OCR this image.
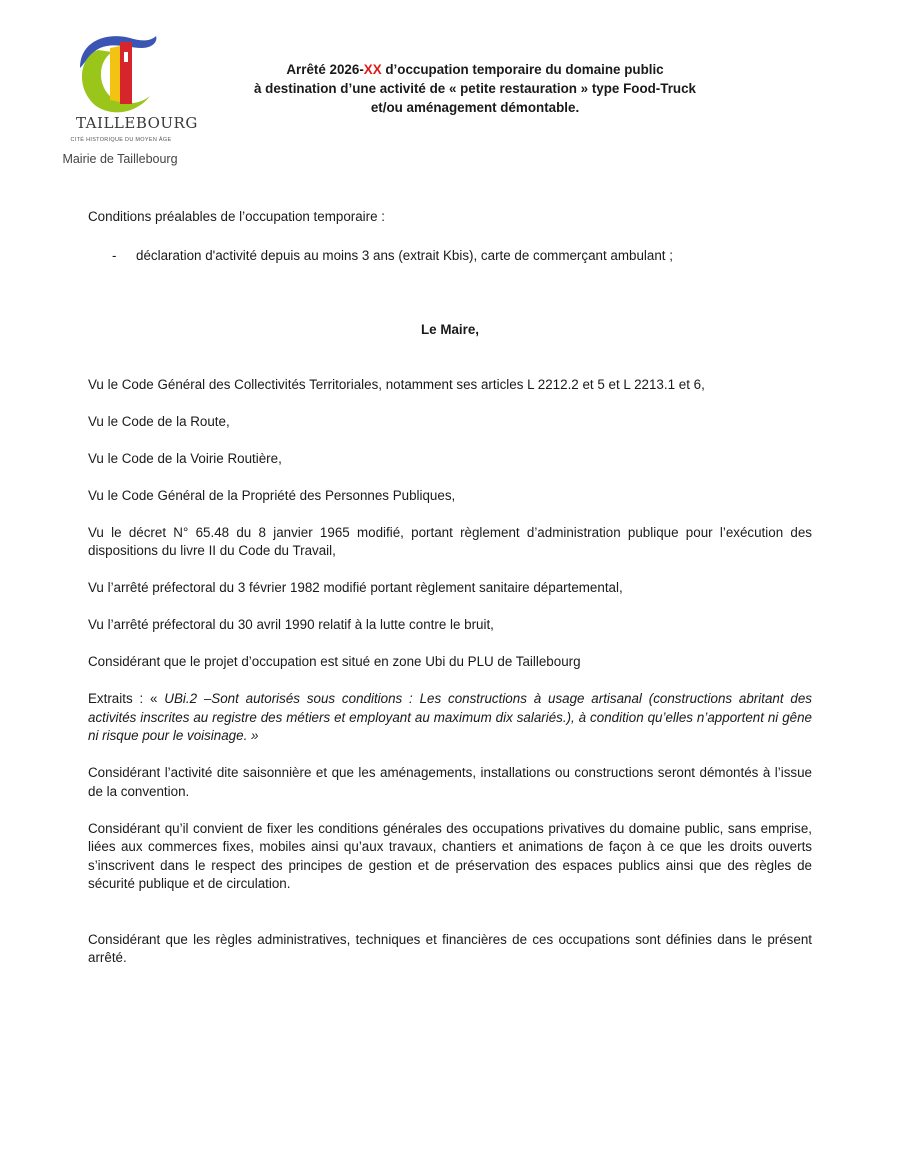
TAILLEBOURG
CITÉ HISTORIQUE DU MOYEN ÂGE
Mairie de Taillebourg
Arrêté 2026-XX d’occupation temporaire du domaine public
à destination d’une activité de « petite restauration » type Food-Truck
et/ou aménagement démontable.

Conditions préalables de l’occupation temporaire :

-	déclaration d'activité depuis au moins 3 ans (extrait Kbis), carte de commerçant ambulant ;

Le Maire,

Vu le Code Général des Collectivités Territoriales, notamment ses articles L 2212.2 et 5 et L 2213.1 et 6,

Vu le Code de la Route,

Vu le Code de la Voirie Routière,

Vu le Code Général de la Propriété des Personnes Publiques,

Vu le décret N° 65.48 du 8 janvier 1965 modifié, portant règlement d’administration publique pour l’exécution des dispositions du livre II du Code du Travail,

Vu l’arrêté préfectoral du 3 février 1982 modifié portant règlement sanitaire départemental,

Vu l’arrêté préfectoral du 30 avril 1990 relatif à la lutte contre le bruit,

Considérant que le projet d’occupation est situé en zone Ubi du PLU de Taillebourg

Extraits : « UBi.2 –Sont autorisés sous conditions : Les constructions à usage artisanal (constructions abritant des activités inscrites au registre des métiers et employant au maximum dix salariés.), à condition qu’elles n’apportent ni gêne ni risque pour le voisinage. »

Considérant l’activité dite saisonnière et que les aménagements, installations ou constructions seront démontés à l’issue de la convention.

Considérant qu’il convient de fixer les conditions générales des occupations privatives du domaine public, sans emprise, liées aux commerces fixes, mobiles ainsi qu’aux travaux, chantiers et animations de façon à ce que les droits ouverts s’inscrivent dans le respect des principes de gestion et de préservation des espaces publics ainsi que des règles de sécurité publique et de circulation.

Considérant que les règles administratives, techniques et financières de ces occupations sont définies dans le présent arrêté.
